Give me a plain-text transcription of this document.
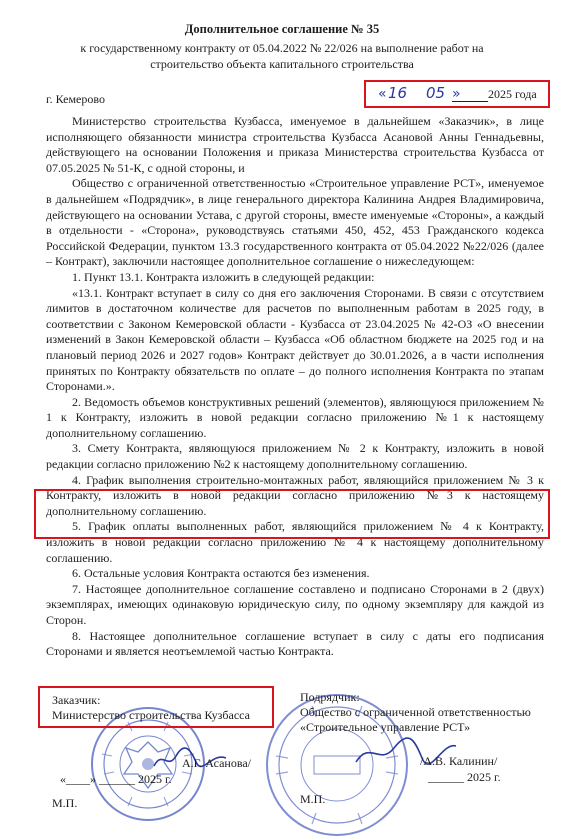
Дополнительное соглашение № 35
к государственному контракту от 05.04.2022 № 22/026 на выполнение работ на
строительство объекта капитального строительства
г. Кемерово	« 16 05 » 2025 года

Министерство строительства Кузбасса, именуемое в дальнейшем «Заказчик», в лице исполняющего обязанности министра строительства Кузбасса Асановой Анны Геннадьевны, действующего на основании Положения и приказа Министерства строительства Кузбасса от 07.05.2025 № 51-К, с одной стороны, и

Общество с ограниченной ответственностью «Строительное управление РСТ», именуемое в дальнейшем «Подрядчик», в лице генерального директора Калинина Андрея Владимировича, действующего на основании Устава, с другой стороны, вместе именуемые «Стороны», а каждый в отдельности - «Сторона», руководствуясь статьями 450, 452, 453 Гражданского кодекса Российской Федерации, пунктом 13.3 государственного контракта от 05.04.2022 №22/026 (далее – Контракт), заключили настоящее дополнительное соглашение о нижеследующем:

1. Пункт 13.1. Контракта изложить в следующей редакции:

«13.1. Контракт вступает в силу со дня его заключения Сторонами. В связи с отсутствием лимитов в достаточном количестве для расчетов по выполненным работам в 2025 году, в соответствии с Законом Кемеровской области - Кузбасса от 23.04.2025 № 42-ОЗ «О внесении изменений в Закон Кемеровской области – Кузбасса «Об областном бюджете на 2025 год и на плановый период 2026 и 2027 годов» Контракт действует до 30.01.2026, а в части исполнения принятых по Контракту обязательств по оплате – до полного исполнения Контракта по этапам Сторонами.».

2. Ведомость объемов конструктивных решений (элементов), являющуюся приложением № 1 к Контракту, изложить в новой редакции согласно приложению №1 к настоящему дополнительному соглашению.

3. Смету Контракта, являющуюся приложением № 2 к Контракту, изложить в новой редакции согласно приложению №2 к настоящему дополнительному соглашению.

4. График выполнения строительно-монтажных работ, являющийся приложением № 3 к Контракту, изложить в новой редакции согласно приложению №3 к настоящему дополнительному соглашению.

5. График оплаты выполненных работ, являющийся приложением № 4 к Контракту, изложить в новой редакции согласно приложению № 4 к настоящему дополнительному соглашению.

6. Остальные условия Контракта остаются без изменения.

7. Настоящее дополнительное соглашение составлено и подписано Сторонами в 2 (двух) экземплярах, имеющих одинаковую юридическую силу, по одному экземпляру для каждой из Сторон.

8. Настоящее дополнительное соглашение вступает в силу с даты его подписания Сторонами и является неотъемлемой частью Контракта.

Заказчик:
Министерство строительства Кузбасса
А.Г. Асанова/
«____» ______ 2025 г.
М.П.
Подрядчик:
Общество с ограниченной ответственностью
«Строительное управление РСТ»
/А.В. Калинин/
______ 2025 г.
М.П.
